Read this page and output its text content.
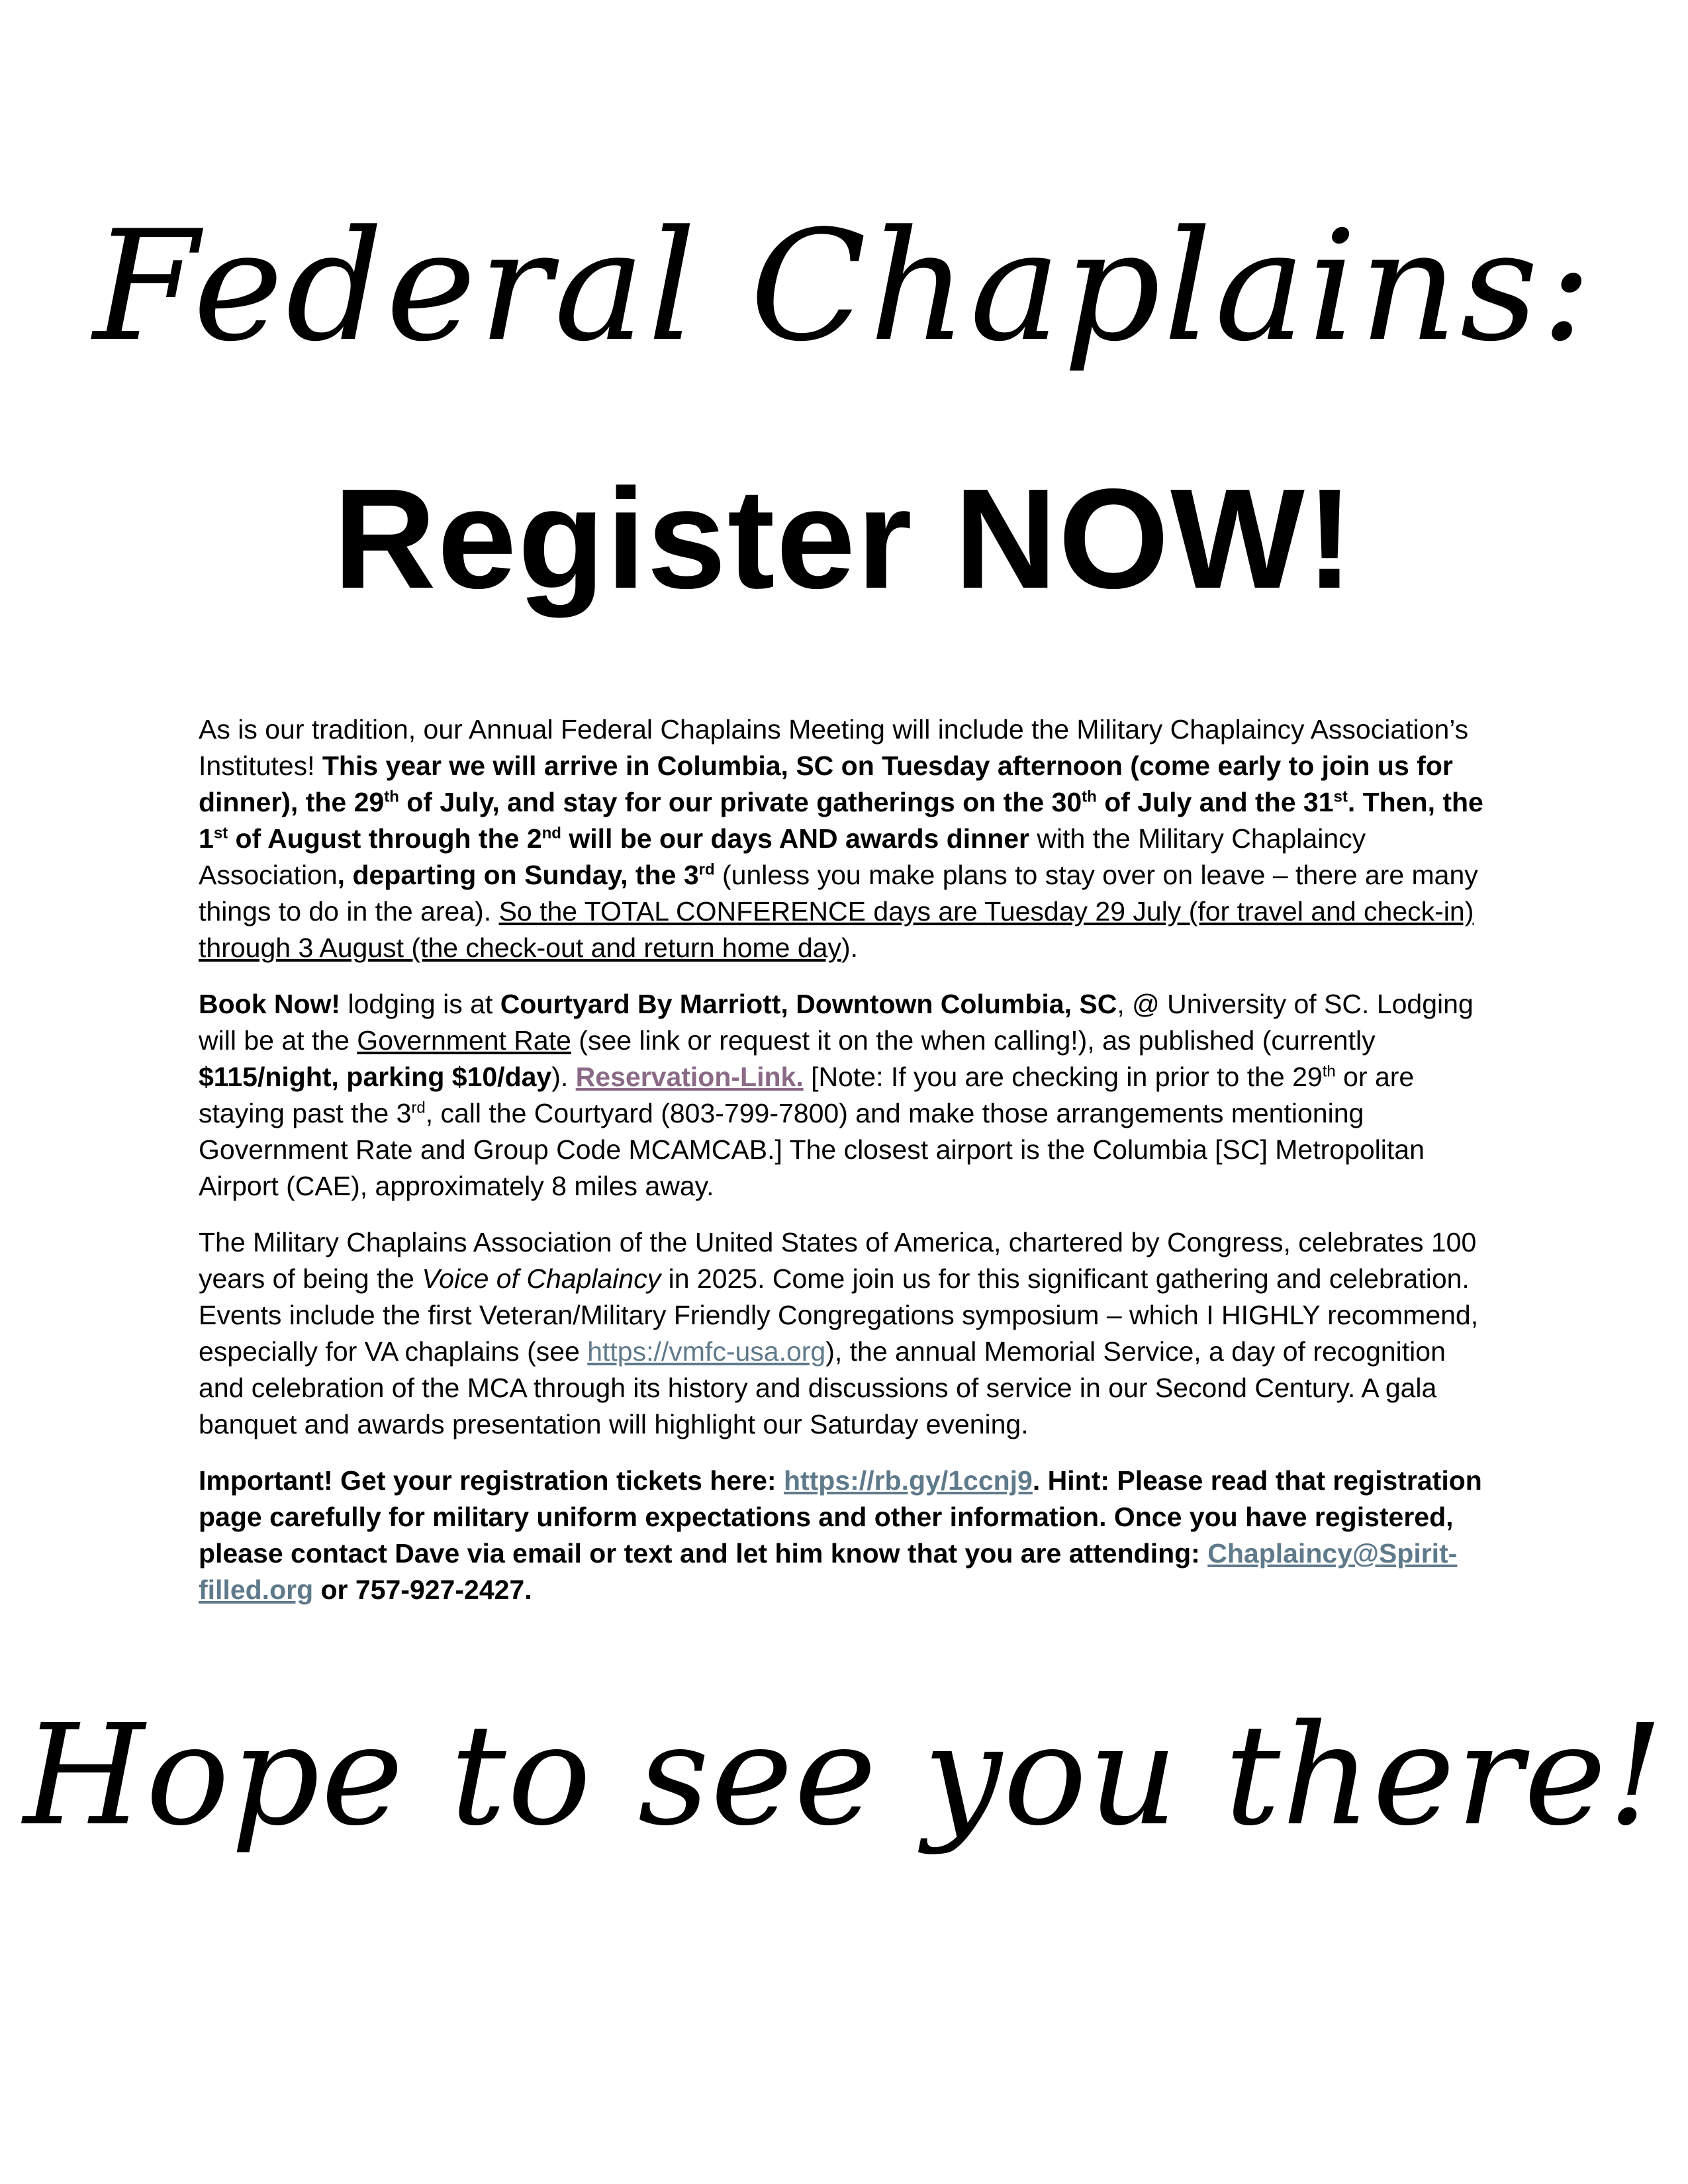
Federal Chaplains:
Register NOW!

As is our tradition, our Annual Federal Chaplains Meeting will include the Military Chaplaincy Association’s Institutes! This year we will arrive in Columbia, SC on Tuesday afternoon (come early to join us for dinner), the 29th of July, and stay for our private gatherings on the 30th of July and the 31st. Then, the 1st of August through the 2nd will be our days AND awards dinner with the Military Chaplaincy Association, departing on Sunday, the 3rd (unless you make plans to stay over on leave – there are many things to do in the area). So the TOTAL CONFERENCE days are Tuesday 29 July (for travel and check-in) through 3 August (the check-out and return home day).

Book Now! lodging is at Courtyard By Marriott, Downtown Columbia, SC, @ University of SC. Lodging will be at the Government Rate (see link or request it on the when calling!), as published (currently $115/night, parking $10/day). Reservation-Link. [Note: If you are checking in prior to the 29th or are staying past the 3rd, call the Courtyard (803-799-7800) and make those arrangements mentioning Government Rate and Group Code MCAMCAB.] The closest airport is the Columbia [SC] Metropolitan Airport (CAE), approximately 8 miles away.

The Military Chaplains Association of the United States of America, chartered by Congress, celebrates 100 years of being the Voice of Chaplaincy in 2025. Come join us for this significant gathering and celebration. Events include the first Veteran/Military Friendly Congregations symposium – which I HIGHLY recommend, especially for VA chaplains (see https://vmfc-usa.org), the annual Memorial Service, a day of recognition and celebration of the MCA through its history and discussions of service in our Second Century. A gala banquet and awards presentation will highlight our Saturday evening.

Important! Get your registration tickets here: https://rb.gy/1ccnj9. Hint: Please read that registration page carefully for military uniform expectations and other information. Once you have registered, please contact Dave via email or text and let him know that you are attending: Chaplaincy@Spirit-filled.org or 757-927-2427.

Hope to see you there!
